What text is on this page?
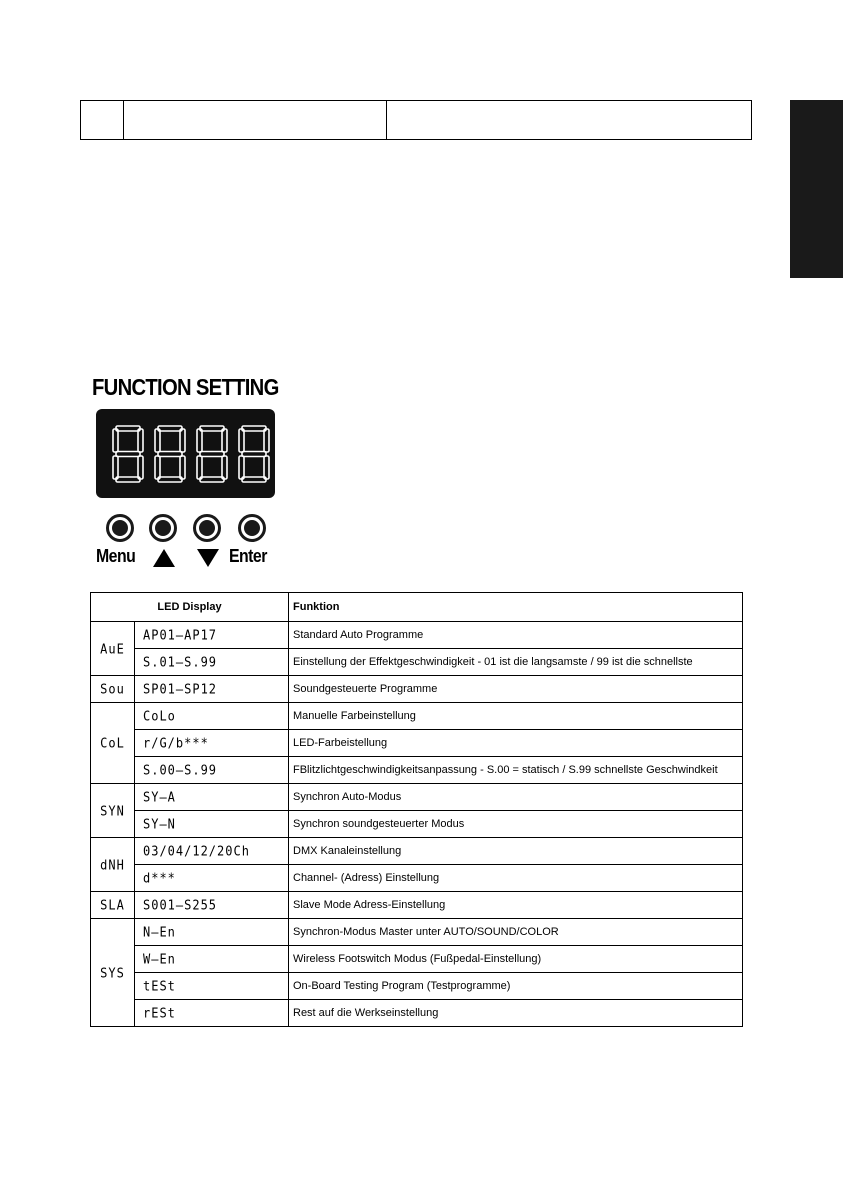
FUNCTION SETTING
Menu	Enter
LED Display		Funktion
AuE	AP01–AP17	Standard Auto Programme
	S.01–S.99	Einstellung der Effektgeschwindigkeit - 01 ist die langsamste / 99 ist die schnellste
Sou	SP01–SP12	Soundgesteuerte Programme
CoL	CoLo	Manuelle Farbeinstellung
	r/G/b***	LED-Farbeistellung
	S.00–S.99	FBlitzlichtgeschwindigkeitsanpassung - S.00 = statisch / S.99 schnellste Geschwindkeit
SYN	SY–A	Synchron Auto-Modus
	SY–N	Synchron soundgesteuerter Modus
dNH	03/04/12/20Ch	DMX Kanaleinstellung
	d***	Channel- (Adress) Einstellung
SLA	S001–S255	Slave Mode Adress-Einstellung
SYS	N–En	Synchron-Modus Master unter AUTO/SOUND/COLOR
	W–En	Wireless Footswitch Modus (Fußpedal-Einstellung)
	tESt	On-Board Testing Program (Testprogramme)
	rESt	Rest auf die Werkseinstellung
